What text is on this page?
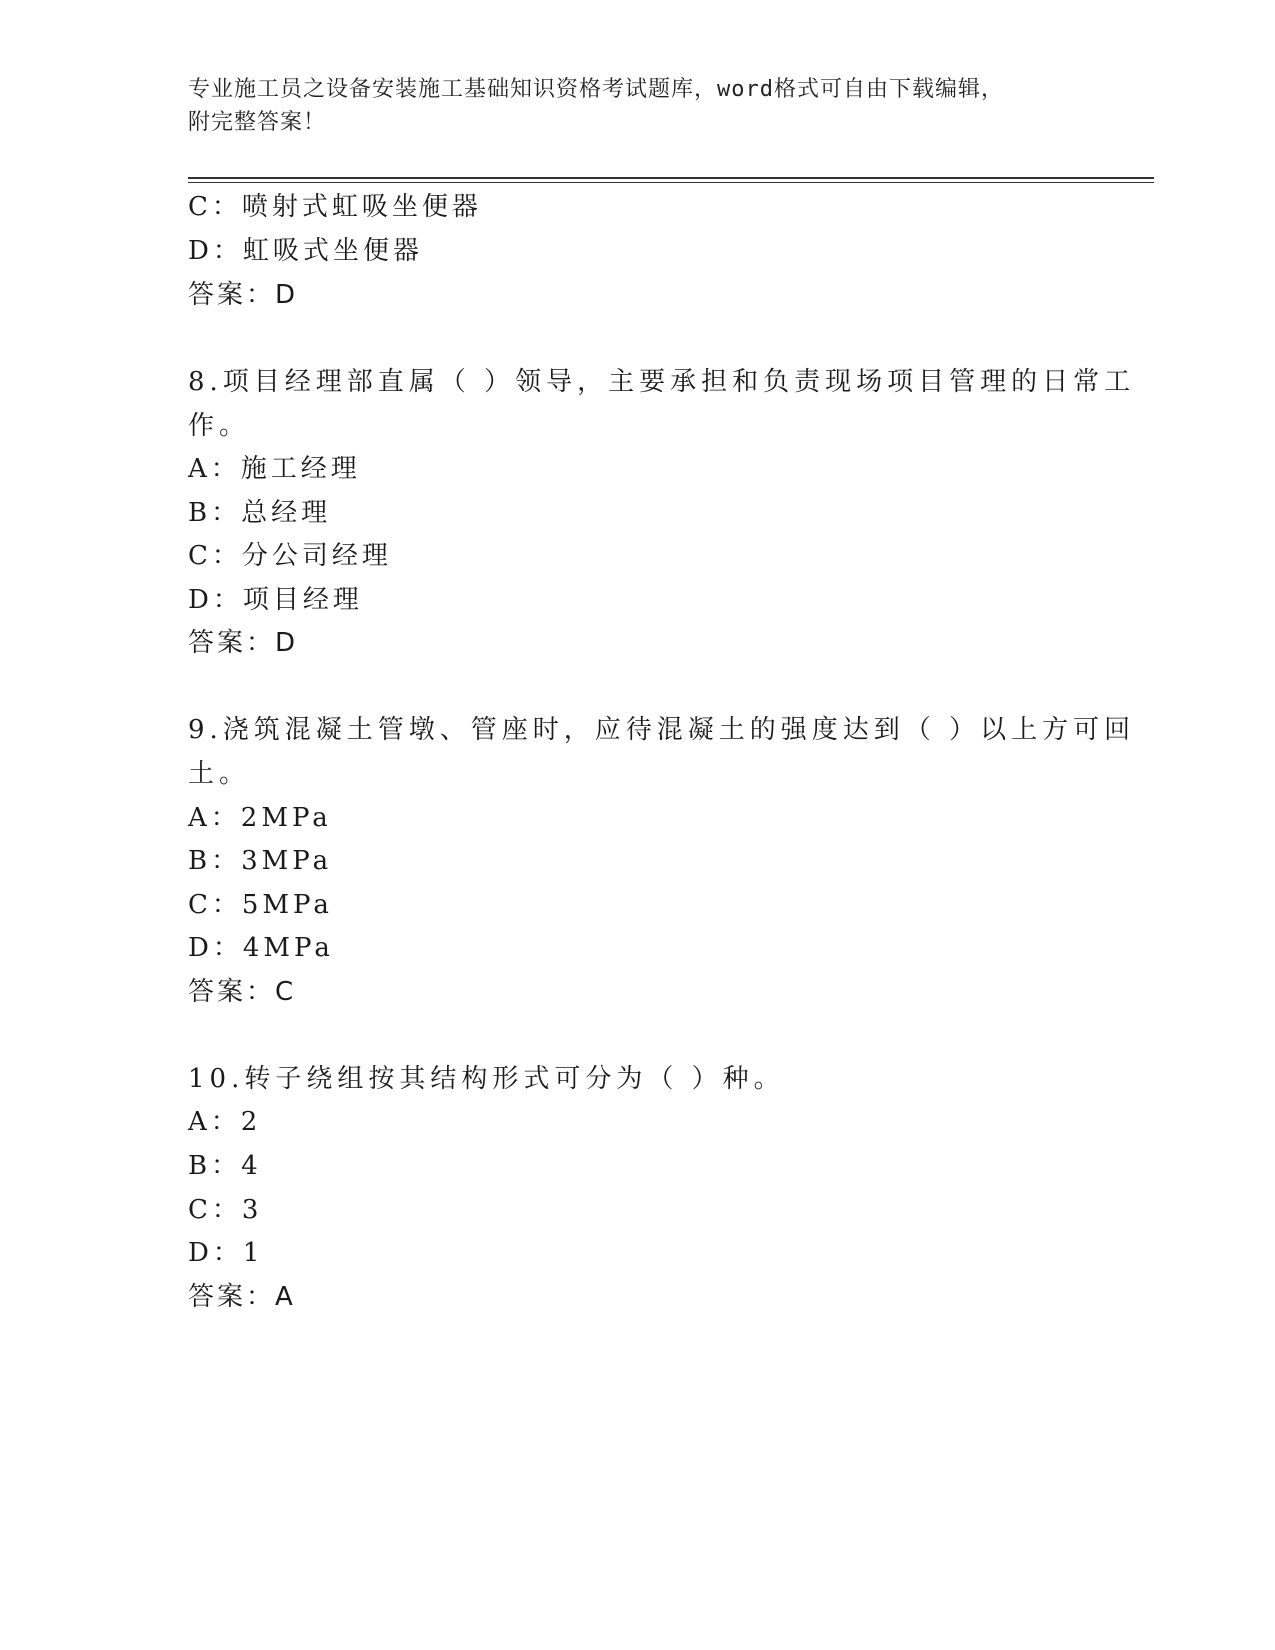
专业施工员之设备安装施工基础知识资格考试题库，word格式可自由下载编辑，
附完整答案！
C：喷射式虹吸坐便器
D：虹吸式坐便器
答案：D
8.项目经理部直属（ ）领导，主要承担和负责现场项目管理的日常工
作。
A：施工经理
B：总经理
C：分公司经理
D：项目经理
答案：D
9.浇筑混凝土管墩、管座时，应待混凝土的强度达到（ ）以上方可回
土。
A：2MPa
B：3MPa
C：5MPa
D：4MPa
答案：C
10.转子绕组按其结构形式可分为（ ）种。
A：2
B：4
C：3
D：1
答案：A
